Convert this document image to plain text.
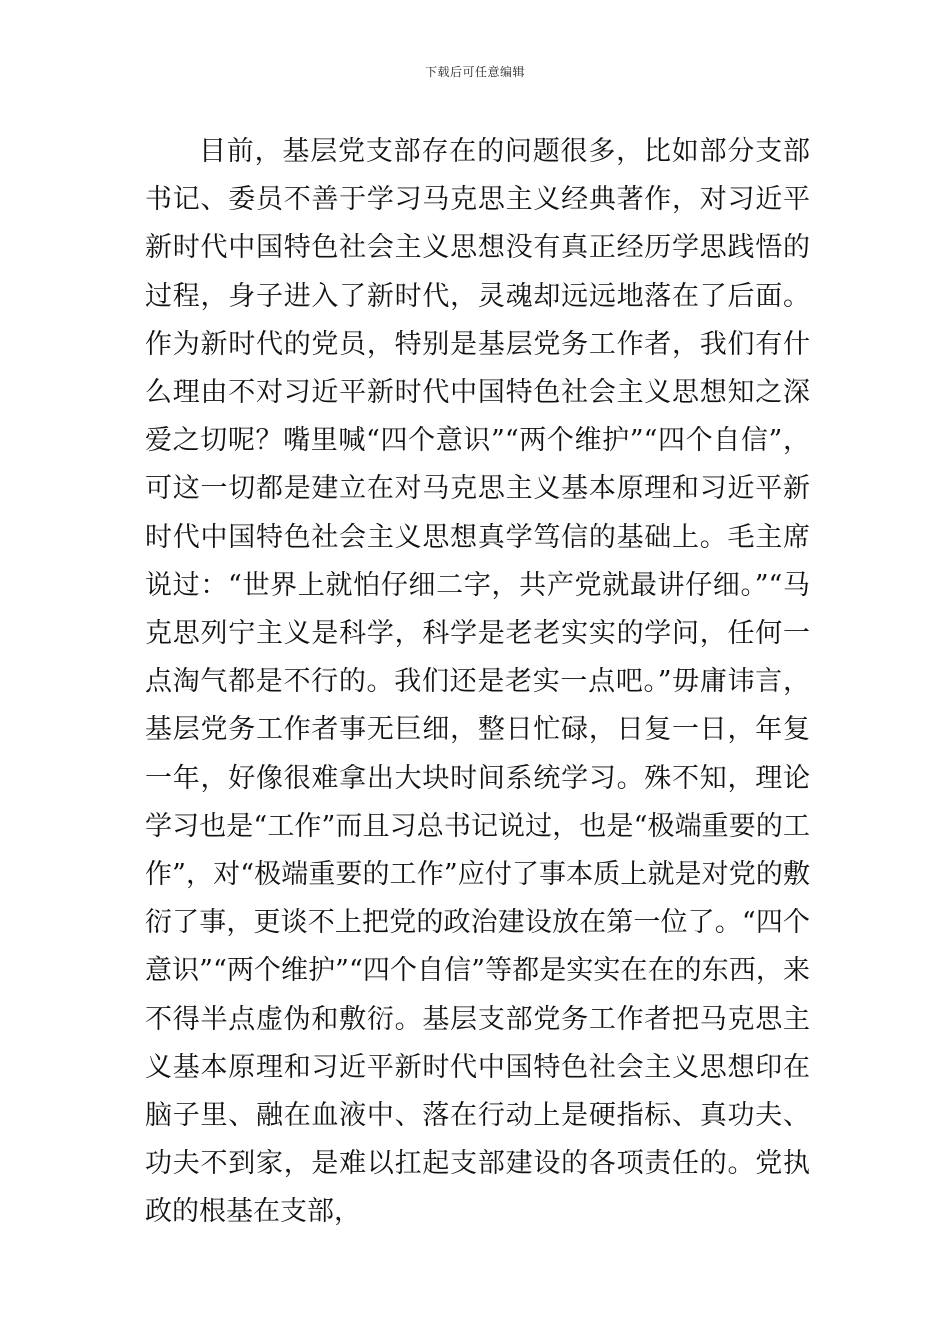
下载后可任意编辑

目前，基层党支部存在的问题很多，比如部分支部书记、委员不善于学习马克思主义经典著作，对习近平新时代中国特色社会主义思想没有真正经历学思践悟的过程，身子进入了新时代，灵魂却远远地落在了后面。作为新时代的党员，特别是基层党务工作者，我们有什么理由不对习近平新时代中国特色社会主义思想知之深爱之切呢？嘴里喊“四个意识”“两个维护”“四个自信”，可这一切都是建立在对马克思主义基本原理和习近平新时代中国特色社会主义思想真学笃信的基础上。毛主席说过：“世界上就怕仔细二字，共产党就最讲仔细。”“马克思列宁主义是科学，科学是老老实实的学问，任何一点淘气都是不行的。我们还是老实一点吧。”毋庸讳言，基层党务工作者事无巨细，整日忙碌，日复一日，年复一年，好像很难拿出大块时间系统学习。殊不知，理论学习也是“工作”而且习总书记说过，也是“极端重要的工作”，对“极端重要的工作”应付了事本质上就是对党的敷衍了事，更谈不上把党的政治建设放在第一位了。“四个意识”“两个维护”“四个自信”等都是实实在在的东西，来不得半点虚伪和敷衍。基层支部党务工作者把马克思主义基本原理和习近平新时代中国特色社会主义思想印在脑子里、融在血液中、落在行动上是硬指标、真功夫、功夫不到家，是难以扛起支部建设的各项责任的。党执政的根基在支部，
